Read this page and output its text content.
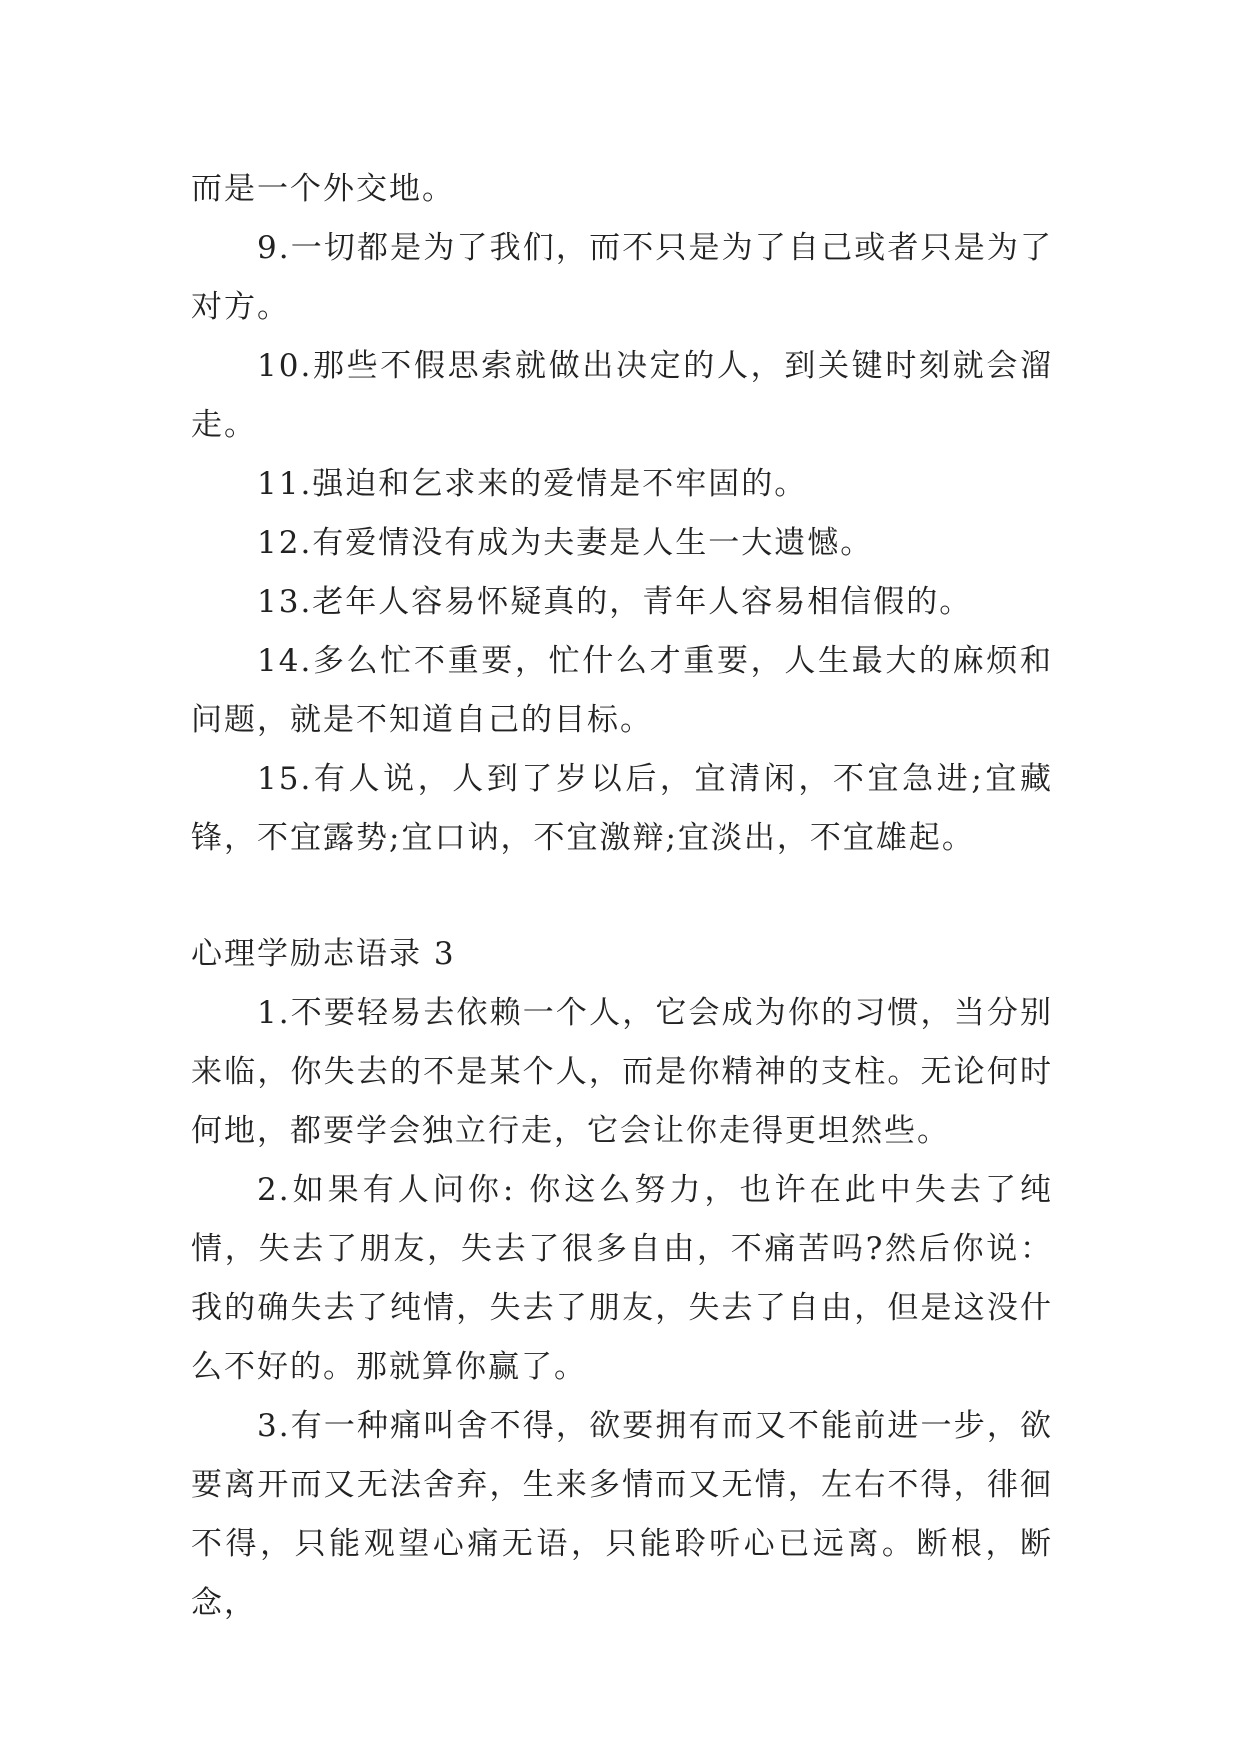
而是一个外交地。

9.一切都是为了我们，而不只是为了自己或者只是为了对方。

10.那些不假思索就做出决定的人，到关键时刻就会溜走。

11.强迫和乞求来的爱情是不牢固的。

12.有爱情没有成为夫妻是人生一大遗憾。

13.老年人容易怀疑真的，青年人容易相信假的。

14.多么忙不重要，忙什么才重要，人生最大的麻烦和问题，就是不知道自己的目标。

15.有人说，人到了岁以后，宜清闲，不宜急进;宜藏锋，不宜露势;宜口讷，不宜激辩;宜淡出，不宜雄起。

心理学励志语录 3

1.不要轻易去依赖一个人，它会成为你的习惯，当分别来临，你失去的不是某个人，而是你精神的支柱。无论何时何地，都要学会独立行走，它会让你走得更坦然些。

2.如果有人问你: 你这么努力，也许在此中失去了纯情，失去了朋友，失去了很多自由，不痛苦吗?然后你说：我的确失去了纯情，失去了朋友，失去了自由，但是这没什么不好的。那就算你赢了。

3.有一种痛叫舍不得，欲要拥有而又不能前进一步，欲要离开而又无法舍弃，生来多情而又无情，左右不得，徘徊不得，只能观望心痛无语，只能聆听心已远离。断根，断念，
